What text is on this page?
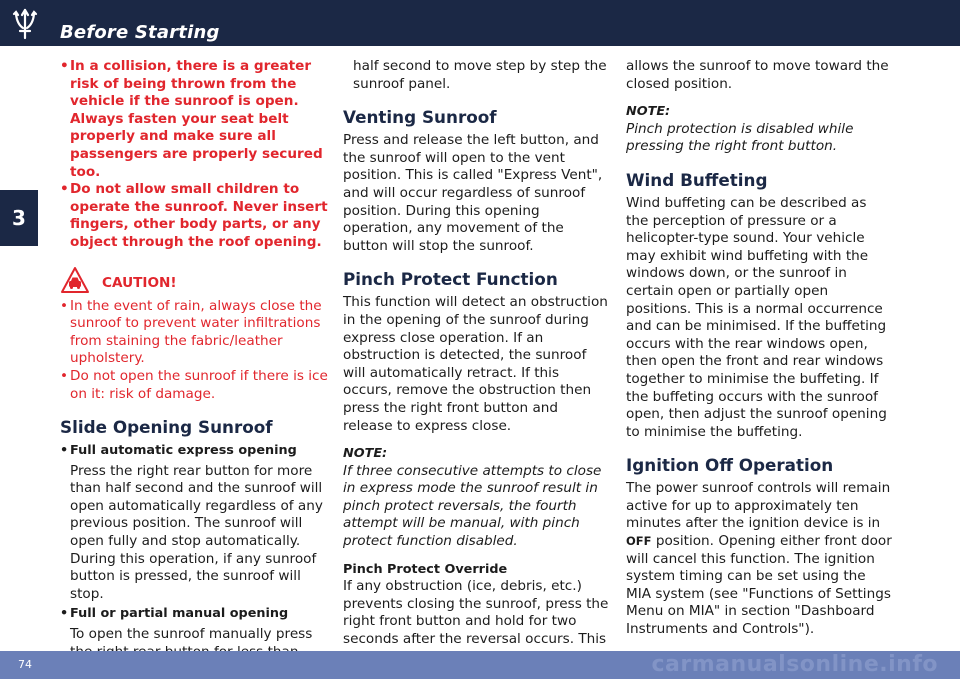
Before Starting
3
• In a collision, there is a greater risk of being thrown from the vehicle if the sunroof is open. Always fasten your seat belt properly and make sure all passengers are properly secured too.
• Do not allow small children to operate the sunroof. Never insert fingers, other body parts, or any object through the roof opening.
CAUTION!
• In the event of rain, always close the sunroof to prevent water infiltrations from staining the fabric/leather upholstery.
• Do not open the sunroof if there is ice on it: risk of damage.
Slide Opening Sunroof
• Full automatic express opening

Press the right rear button for more than half second and the sunroof will open automatically regardless of any previous position. The sunroof will open fully and stop automatically. During this operation, if any sunroof button is pressed, the sunroof will stop.

• Full or partial manual opening

To open the sunroof manually press

half second to move step by step the sunroof panel.

Venting Sunroof

Press and release the left button, and the sunroof will open to the vent position. This is called "Express Vent", and will occur regardless of sunroof position. During this opening operation, any movement of the button will stop the sunroof.

Pinch Protect Function

This function will detect an obstruction in the opening of the sunroof during express close operation. If an obstruction is detected, the sunroof will automatically retract. If this occurs, remove the obstruction then press the right front button and release to express close.

NOTE:

If three consecutive attempts to close in express mode the sunroof result in pinch protect reversals, the fourth attempt will be manual, with pinch protect function disabled.

Pinch Protect Override

If any obstruction (ice, debris, etc.) prevents closing the sunroof, press the right front button and hold for two seconds after the reversal occurs. This

allows the sunroof to move toward the closed position.

NOTE:

Pinch protection is disabled while pressing the right front button.

Wind Buffeting

Wind buffeting can be described as the perception of pressure or a helicopter-type sound. Your vehicle may exhibit wind buffeting with the windows down, or the sunroof in certain open or partially open positions. This is a normal occurrence and can be minimised. If the buffeting occurs with the rear windows open, then open the front and rear windows together to minimise the buffeting. If the buffeting occurs with the sunroof open, then adjust the sunroof opening to minimise the buffeting.

Ignition Off Operation

The power sunroof controls will remain active for up to approximately ten minutes after the ignition device is in OFF position. Opening either front door will cancel this function. The ignition system timing can be set using the MIA system (see "Functions of Settings Menu on MIA" in section "Dashboard Instruments and Controls").

74	carmanualsonline.info
